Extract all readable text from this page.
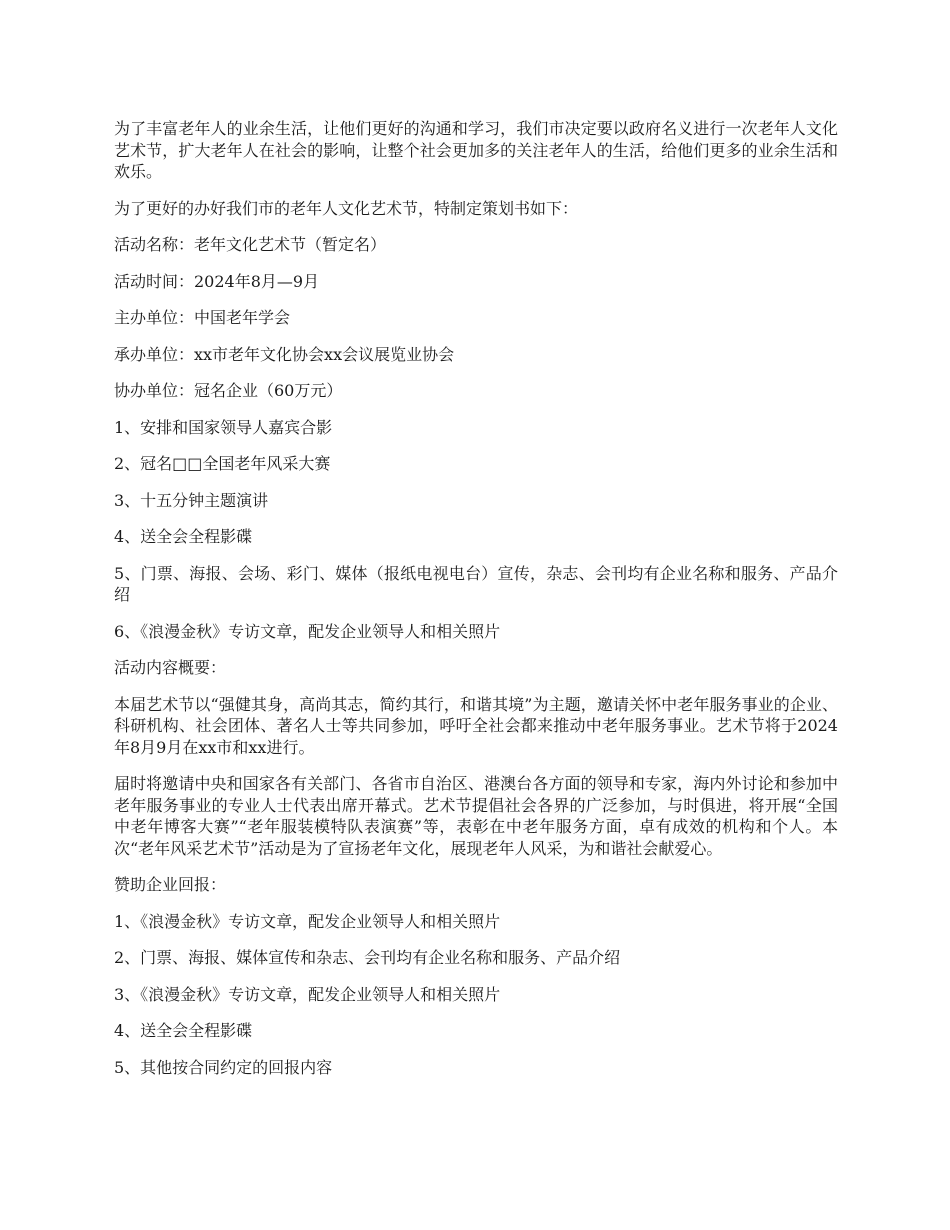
为了丰富老年人的业余生活，让他们更好的沟通和学习，我们市决定要以政府名义进行一次老年人文化艺术节，扩大老年人在社会的影响，让整个社会更加多的关注老年人的生活，给他们更多的业余生活和欢乐。

为了更好的办好我们市的老年人文化艺术节，特制定策划书如下：

活动名称：老年文化艺术节（暂定名）

活动时间：2024年8月—9月

主办单位：中国老年学会

承办单位：xx市老年文化协会xx会议展览业协会

协办单位：冠名企业（60万元）

1、安排和国家领导人嘉宾合影

2、冠名□□全国老年风采大赛

3、十五分钟主题演讲

4、送全会全程影碟

5、门票、海报、会场、彩门、媒体（报纸电视电台）宣传，杂志、会刊均有企业名称和服务、产品介绍

6、《浪漫金秋》专访文章，配发企业领导人和相关照片

活动内容概要：

本届艺术节以“强健其身，高尚其志，简约其行，和谐其境”为主题，邀请关怀中老年服务事业的企业、科研机构、社会团体、著名人士等共同参加，呼吁全社会都来推动中老年服务事业。艺术节将于2024年8月9月在xx市和xx进行。

届时将邀请中央和国家各有关部门、各省市自治区、港澳台各方面的领导和专家，海内外讨论和参加中老年服务事业的专业人士代表出席开幕式。艺术节提倡社会各界的广泛参加，与时俱进，将开展“全国中老年博客大赛”“老年服装模特队表演赛”等，表彰在中老年服务方面，卓有成效的机构和个人。本次“老年风采艺术节”活动是为了宣扬老年文化，展现老年人风采，为和谐社会献爱心。

赞助企业回报：

1、《浪漫金秋》专访文章，配发企业领导人和相关照片

2、门票、海报、媒体宣传和杂志、会刊均有企业名称和服务、产品介绍

3、《浪漫金秋》专访文章，配发企业领导人和相关照片

4、送全会全程影碟

5、其他按合同约定的回报内容
